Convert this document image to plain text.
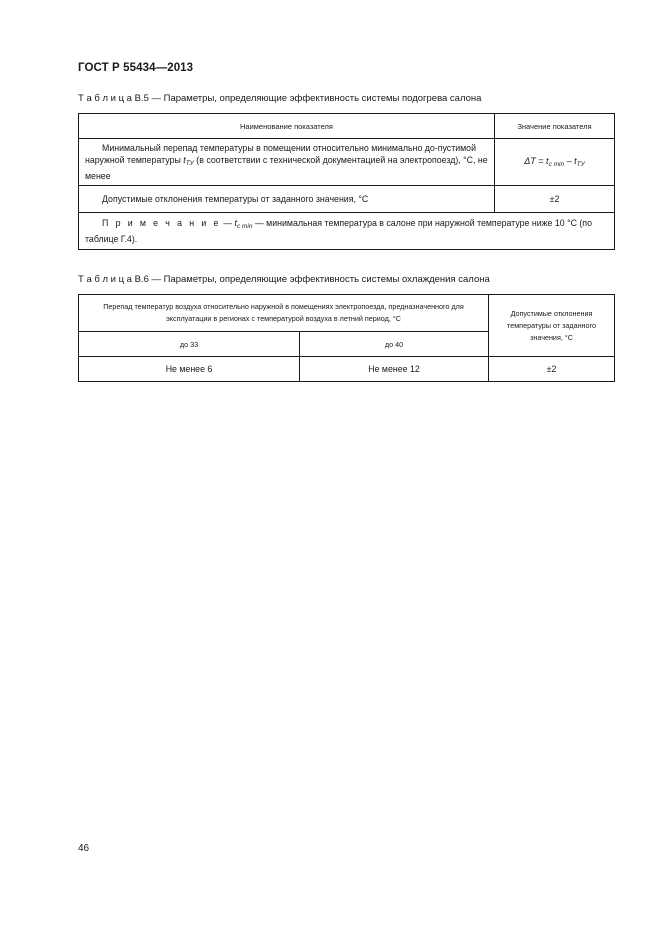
ГОСТ Р 55434—2013
Т а б л и ц а В.5 — Параметры, определяющие эффективность системы подогрева салона
Наименование показателя	Значение показателя
Минимальный перепад температуры в помещении относительно минимально до-пустимой наружной температуры $t_{ТУ}$ (в соответствии с технической документацией на электропоезд), °С, не менее	$\Delta T = t_{c min} - t_{TУ}$
Допустимые отклонения температуры от заданного значения, °С	±2
П р и м е ч а н и е — $t_{c min}$ — минимальная температура в салоне при наружной температуре ниже 10 °С (по таблице Г.4).	
Т а б л и ц а В.6 — Параметры, определяющие эффективность системы охлаждения салона
Перепад температур воздуха относительно наружной в помещениях электропоезда, предназначенного для эксплуатации в регионах с температурой воздуха в летний период, °С		Допустимые отклонения температуры от заданного значения, °С
до 33	до 40	
Не менее 6	Не менее 12	±2
46
